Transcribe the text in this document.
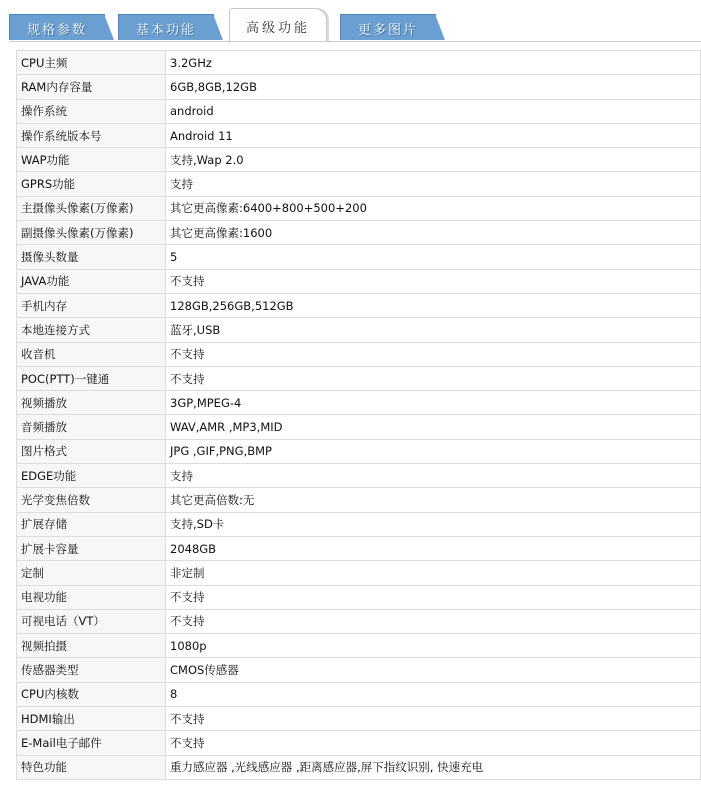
规格参数	基本功能	高级功能	更多图片
CPU主频	3.2GHz
RAM内存容量	6GB,8GB,12GB
操作系统	android
操作系统版本号	Android 11
WAP功能	支持,Wap 2.0
GPRS功能	支持
主摄像头像素(万像素)	其它更高像素:6400+800+500+200
副摄像头像素(万像素)	其它更高像素:1600
摄像头数量	5
JAVA功能	不支持
手机内存	128GB,256GB,512GB
本地连接方式	蓝牙,USB
收音机	不支持
POC(PTT)一键通	不支持
视频播放	3GP,MPEG-4
音频播放	WAV,AMR ,MP3,MID
图片格式	JPG ,GIF,PNG,BMP
EDGE功能	支持
光学变焦倍数	其它更高倍数:无
扩展存储	支持,SD卡
扩展卡容量	2048GB
定制	非定制
电视功能	不支持
可视电话（VT）	不支持
视频拍摄	1080p
传感器类型	CMOS传感器
CPU内核数	8
HDMI输出	不支持
E-Mail电子邮件	不支持
特色功能	重力感应器 ,光线感应器 ,距离感应器,屏下指纹识别, 快速充电
